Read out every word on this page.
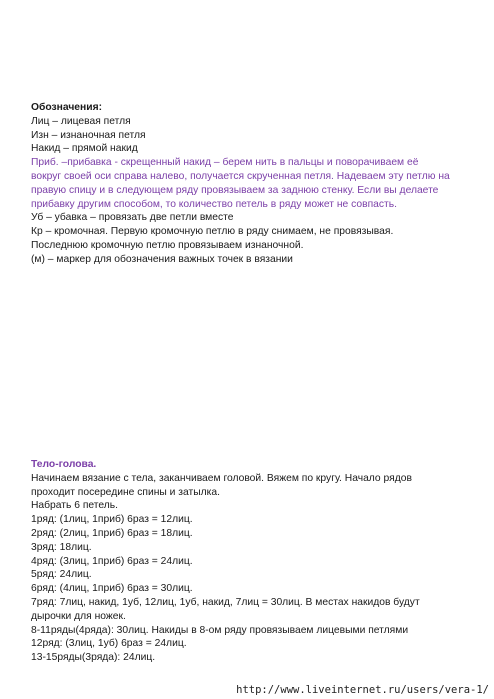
Обозначения:

Лиц – лицевая петля

Изн – изнаночная петля

Накид – прямой накид

Приб. –прибавка - скрещенный накид – берем нить в пальцы и поворачиваем её

вокруг своей оси справа налево, получается скрученная петля. Надеваем эту петлю на

правую спицу и в следующем ряду провязываем за заднюю стенку. Если вы делаете

прибавку другим способом, то количество петель в ряду может не совпасть.

Уб – убавка – провязать две петли вместе

Кр – кромочная. Первую кромочную петлю в ряду снимаем, не провязывая.

Последнюю кромочную петлю провязываем изнаночной.

(м) – маркер для обозначения важных точек в вязании

Тело-голова.

Начинаем вязание с тела, заканчиваем головой. Вяжем по кругу. Начало рядов

проходит посередине спины и затылка.

Набрать 6 петель.

1ряд: (1лиц, 1приб) 6раз = 12лиц.

2ряд: (2лиц, 1приб) 6раз = 18лиц.

3ряд: 18лиц.

4ряд: (3лиц, 1приб) 6раз = 24лиц.

5ряд: 24лиц.

6ряд: (4лиц, 1приб) 6раз = 30лиц.

7ряд: 7лиц, накид, 1уб, 12лиц, 1уб, накид, 7лиц = 30лиц. В местах накидов будут

дырочки для ножек.

8-11ряды(4ряда): 30лиц. Накиды в 8-ом ряду провязываем лицевыми петлями

12ряд: (3лиц, 1уб) 6раз = 24лиц.

13-15ряды(3ряда): 24лиц.

http://www.liveinternet.ru/users/vera-1/
